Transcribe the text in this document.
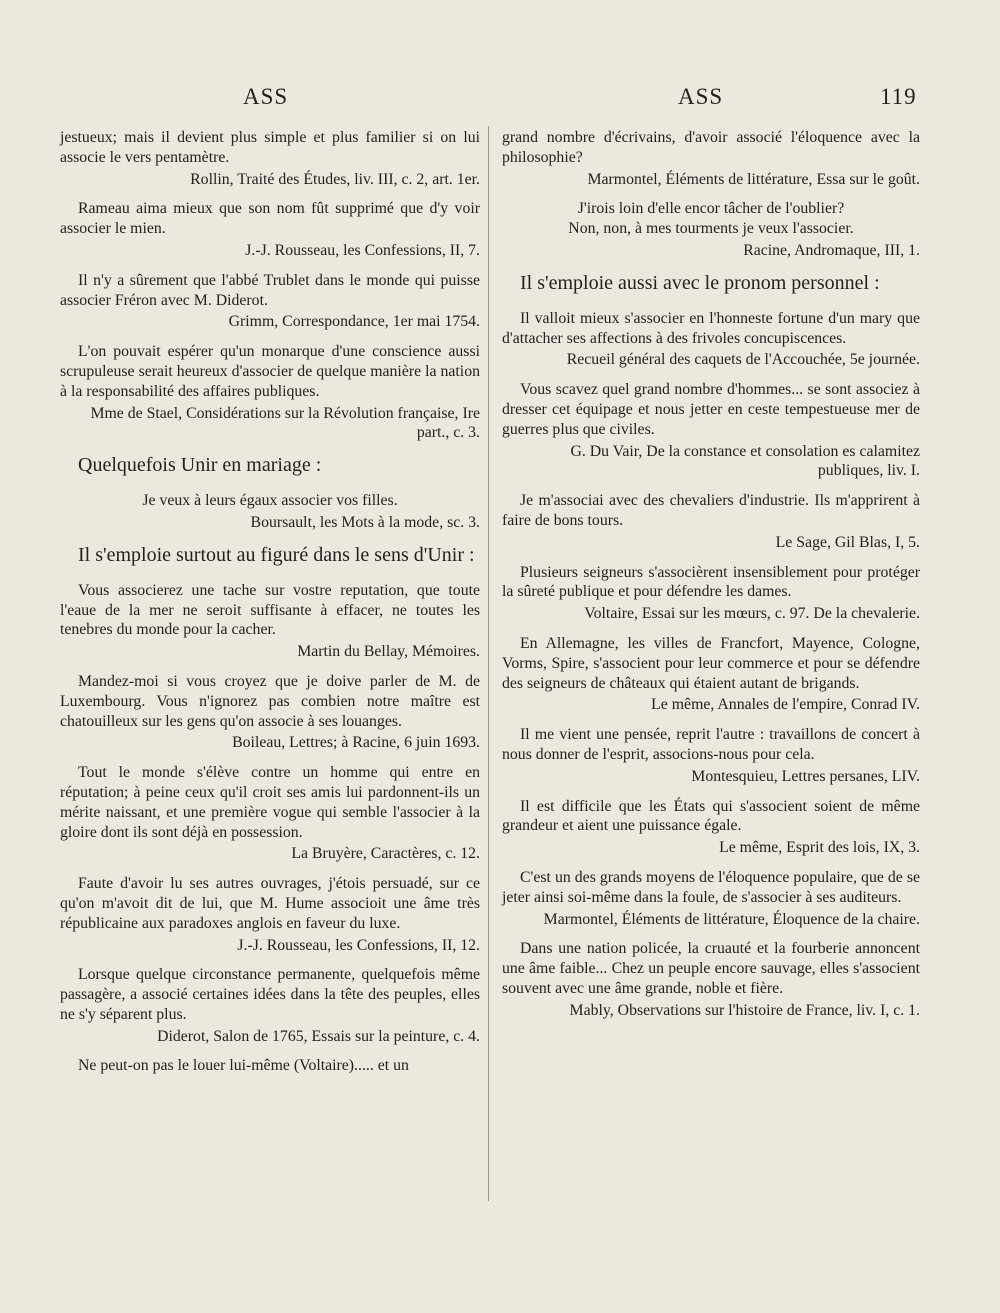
ASS	ASS	119

jestueux; mais il devient plus simple et plus familier si on lui associe le vers pentamètre.

Rollin, Traité des Études, liv. III, c. 2, art. 1er.

Rameau aima mieux que son nom fût supprimé que d'y voir associer le mien.

J.-J. Rousseau, les Confessions, II, 7.

Il n'y a sûrement que l'abbé Trublet dans le monde qui puisse associer Fréron avec M. Diderot.

Grimm, Correspondance, 1er mai 1754.

L'on pouvait espérer qu'un monarque d'une conscience aussi scrupuleuse serait heureux d'associer de quelque manière la nation à la responsabilité des affaires publiques.

Mme de Stael, Considérations sur la Révolution française, Ire part., c. 3.

Quelquefois Unir en mariage :

Je veux à leurs égaux associer vos filles.

Boursault, les Mots à la mode, sc. 3.

Il s'emploie surtout au figuré dans le sens d'Unir :

Vous associerez une tache sur vostre reputation, que toute l'eaue de la mer ne seroit suffisante à effacer, ne toutes les tenebres du monde pour la cacher.

Martin du Bellay, Mémoires.

Mandez-moi si vous croyez que je doive parler de M. de Luxembourg. Vous n'ignorez pas combien notre maître est chatouilleux sur les gens qu'on associe à ses louanges.

Boileau, Lettres; à Racine, 6 juin 1693.

Tout le monde s'élève contre un homme qui entre en réputation; à peine ceux qu'il croit ses amis lui pardonnent-ils un mérite naissant, et une première vogue qui semble l'associer à la gloire dont ils sont déjà en possession.

La Bruyère, Caractères, c. 12.

Faute d'avoir lu ses autres ouvrages, j'étois persuadé, sur ce qu'on m'avoit dit de lui, que M. Hume associoit une âme très républicaine aux paradoxes anglois en faveur du luxe.

J.-J. Rousseau, les Confessions, II, 12.

Lorsque quelque circonstance permanente, quelquefois même passagère, a associé certaines idées dans la tête des peuples, elles ne s'y séparent plus.

Diderot, Salon de 1765, Essais sur la peinture, c. 4.

Ne peut-on pas le louer lui-même (Voltaire)..... et un

grand nombre d'écrivains, d'avoir associé l'éloquence avec la philosophie?

Marmontel, Éléments de littérature, Essa sur le goût.

J'irois loin d'elle encor tâcher de l'oublier?

Non, non, à mes tourments je veux l'associer.

Racine, Andromaque, III, 1.

Il s'emploie aussi avec le pronom personnel :

Il valloit mieux s'associer en l'honneste fortune d'un mary que d'attacher ses affections à des frivoles concupiscences.

Recueil général des caquets de l'Accouchée, 5e journée.

Vous scavez quel grand nombre d'hommes... se sont associez à dresser cet équipage et nous jetter en ceste tempestueuse mer de guerres plus que civiles.

G. Du Vair, De la constance et consolation es calamitez publiques, liv. I.

Je m'associai avec des chevaliers d'industrie. Ils m'apprirent à faire de bons tours.

Le Sage, Gil Blas, I, 5.

Plusieurs seigneurs s'associèrent insensiblement pour protéger la sûreté publique et pour défendre les dames.

Voltaire, Essai sur les mœurs, c. 97. De la chevalerie.

En Allemagne, les villes de Francfort, Mayence, Cologne, Vorms, Spire, s'associent pour leur commerce et pour se défendre des seigneurs de châteaux qui étaient autant de brigands.

Le même, Annales de l'empire, Conrad IV.

Il me vient une pensée, reprit l'autre : travaillons de concert à nous donner de l'esprit, associons-nous pour cela.

Montesquieu, Lettres persanes, LIV.

Il est difficile que les États qui s'associent soient de même grandeur et aient une puissance égale.

Le même, Esprit des lois, IX, 3.

C'est un des grands moyens de l'éloquence populaire, que de se jeter ainsi soi-même dans la foule, de s'associer à ses auditeurs.

Marmontel, Éléments de littérature, Éloquence de la chaire.

Dans une nation policée, la cruauté et la fourberie annoncent une âme faible... Chez un peuple encore sauvage, elles s'associent souvent avec une âme grande, noble et fière.

Mably, Observations sur l'histoire de France, liv. I, c. 1.
